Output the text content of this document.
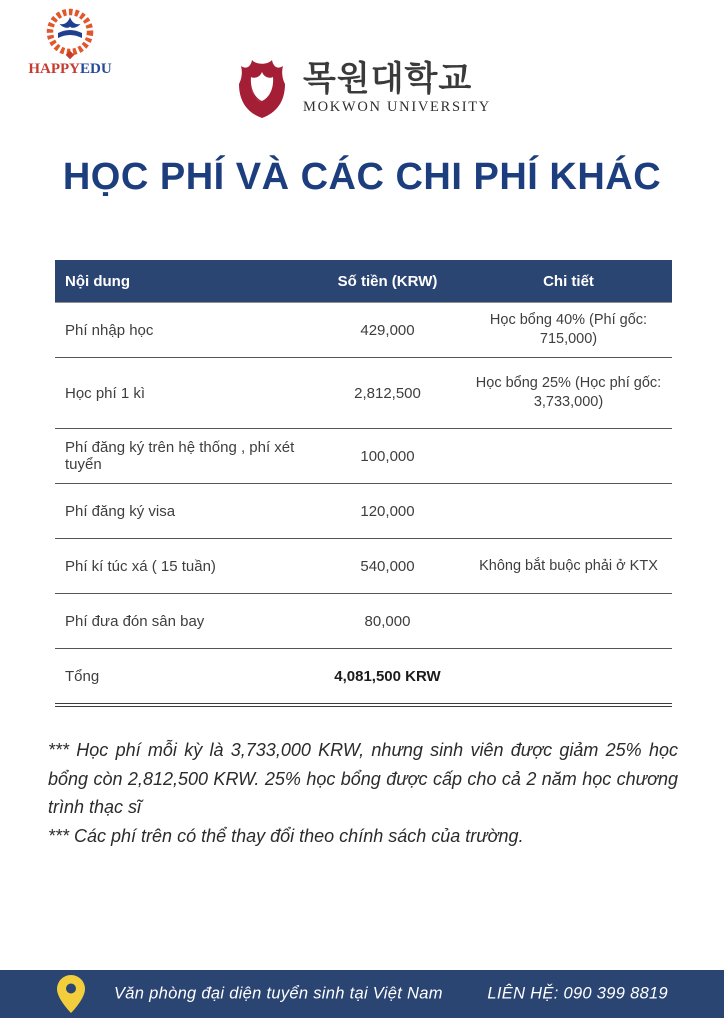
HAPPYEDU	목원대학교
MOKWON UNIVERSITY
HỌC PHÍ VÀ CÁC CHI PHÍ KHÁC
Nội dung	Số tiền (KRW)	Chi tiết
Phí nhập học	429,000	Học bổng 40% (Phí gốc: 715,000)
Học phí 1 kì	2,812,500	Học bổng 25% (Học phí gốc: 3,733,000)
Phí đăng ký trên hệ thống , phí xét tuyển	100,000	
Phí đăng ký visa	120,000	
Phí kí túc xá ( 15 tuần)	540,000	Không bắt buộc phải ở KTX
Phí đưa đón sân bay	80,000	
Tổng	4,081,500 KRW	

*** Học phí mỗi kỳ là 3,733,000 KRW, nhưng sinh viên được giảm 25% học bổng còn 2,812,500 KRW. 25% học bổng được cấp cho cả 2 năm học chương trình thạc sĩ

*** Các phí trên có thể thay đổi theo chính sách của trường.

Văn phòng đại diện tuyển sinh tại Việt Nam	LIÊN HỆ: 090 399 8819
